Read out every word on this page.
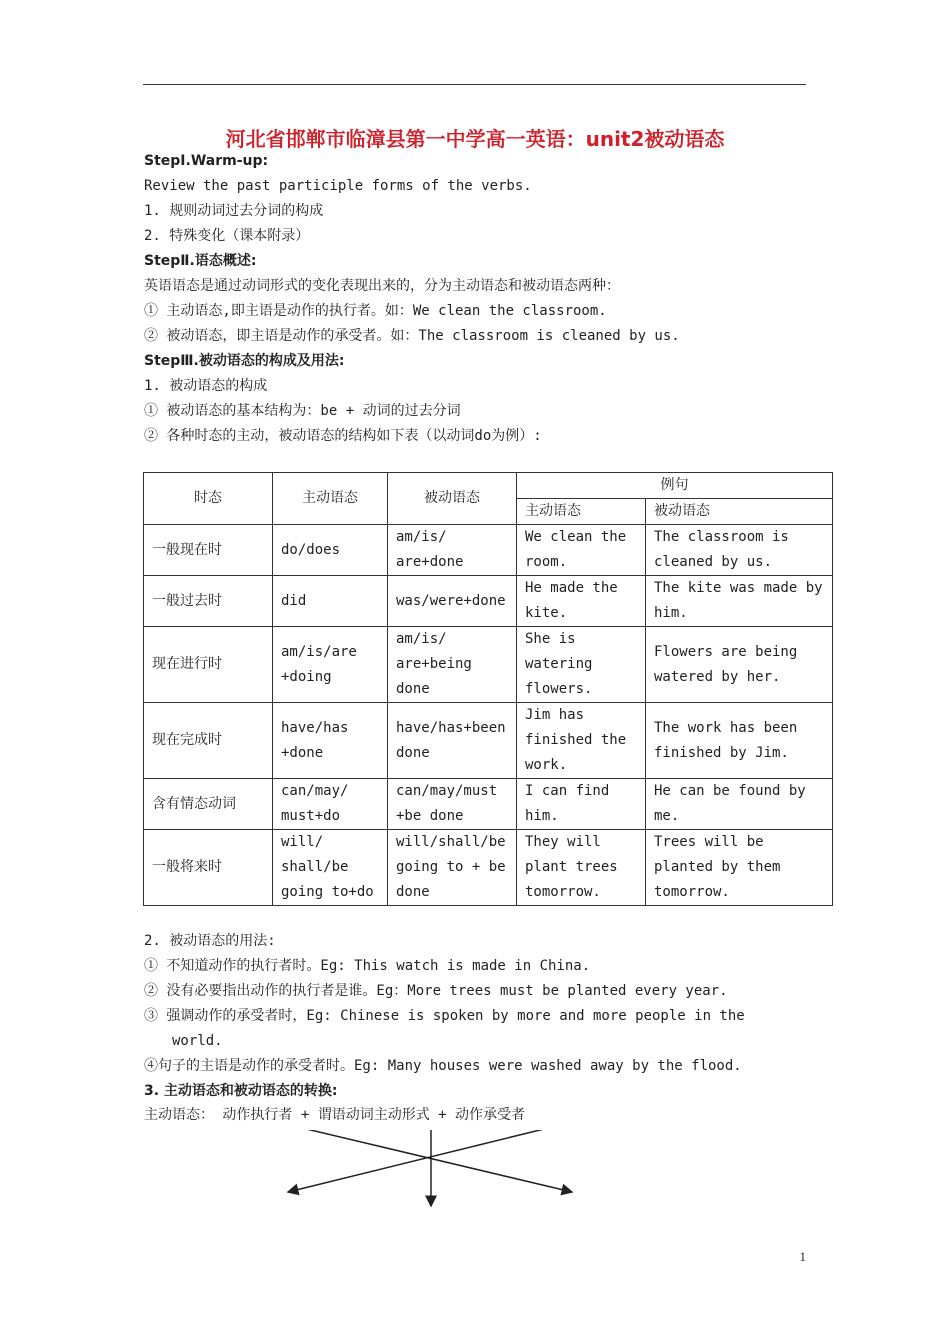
河北省邯郸市临漳县第一中学高一英语：unit2被动语态
StepⅠ.Warm-up:
Review the past participle forms of the verbs.
1. 规则动词过去分词的构成
2. 特殊变化（课本附录）
StepⅡ.语态概述:
英语语态是通过动词形式的变化表现出来的，分为主动语态和被动语态两种：
① 主动语态,即主语是动作的执行者。如：We clean the classroom.
② 被动语态，即主语是动作的承受者。如：The classroom is cleaned by us.
StepⅢ.被动语态的构成及用法:
1. 被动语态的构成
① 被动语态的基本结构为：be + 动词的过去分词
② 各种时态的主动，被动语态的结构如下表（以动词do为例）:
时态	主动语态	被动语态	例句	
			主动语态	被动语态
一般现在时	do/does	am/is/ are+done	We clean the room.	The classroom is cleaned by us.
一般过去时	did	was/were+done	He made the kite.	The kite was made by him.
现在进行时	am/is/are +doing	am/is/ are+being done	She is watering flowers.	Flowers are being watered by her.
现在完成时	have/has +done	have/has+been done	Jim has finished the work.	The work has been finished by Jim.
含有情态动词	can/may/ must+do	can/may/must +be done	I can find him.	He can be found by me.
一般将来时	will/ shall/be going to+do	will/shall/be going to + be done	They will plant trees tomorrow.	Trees will be planted by them tomorrow.
2. 被动语态的用法:
① 不知道动作的执行者时。Eg: This watch is made in China.
② 没有必要指出动作的执行者是谁。Eg：More trees must be planted every year.
③ 强调动作的承受者时，Eg: Chinese is spoken by more and more people in the
world.
④句子的主语是动作的承受者时。Eg: Many houses were washed away by the flood.
3. 主动语态和被动语态的转换:
主动语态： 动作执行者 + 谓语动词主动形式 + 动作承受者
1
